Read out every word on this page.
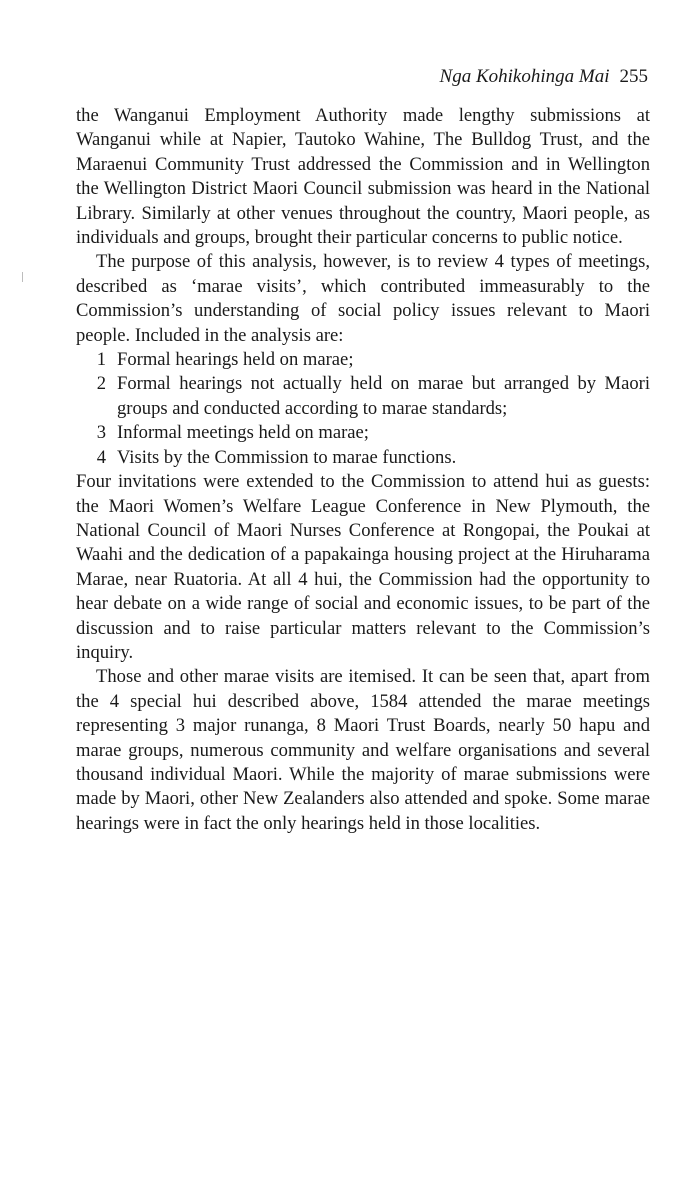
Nga Kohikohinga Mai 255

the Wanganui Employment Authority made lengthy submissions at Wanganui while at Napier, Tautoko Wahine, The Bulldog Trust, and the Maraenui Community Trust addressed the Commission and in Wellington the Wellington District Maori Council submission was heard in the National Library. Similarly at other venues throughout the country, Maori people, as individuals and groups, brought their particular concerns to public notice.

The purpose of this analysis, however, is to review 4 types of meetings, described as ‘marae visits’, which contributed immeasurably to the Commission’s understanding of social policy issues relevant to Maori people. Included in the analysis are:

1 Formal hearings held on marae;
2 Formal hearings not actually held on marae but arranged by Maori groups and conducted according to marae standards;
3 Informal meetings held on marae;
4 Visits by the Commission to marae functions.

Four invitations were extended to the Commission to attend hui as guests: the Maori Women’s Welfare League Conference in New Plymouth, the National Council of Maori Nurses Conference at Rongopai, the Poukai at Waahi and the dedication of a papakainga housing project at the Hiruharama Marae, near Ruatoria. At all 4 hui, the Commission had the opportunity to hear debate on a wide range of social and economic issues, to be part of the discussion and to raise particular matters relevant to the Commission’s inquiry.

Those and other marae visits are itemised. It can be seen that, apart from the 4 special hui described above, 1584 attended the marae meetings representing 3 major runanga, 8 Maori Trust Boards, nearly 50 hapu and marae groups, numerous community and welfare organisations and several thousand individual Maori. While the majority of marae submissions were made by Maori, other New Zealanders also attended and spoke. Some marae hearings were in fact the only hearings held in those localities.
